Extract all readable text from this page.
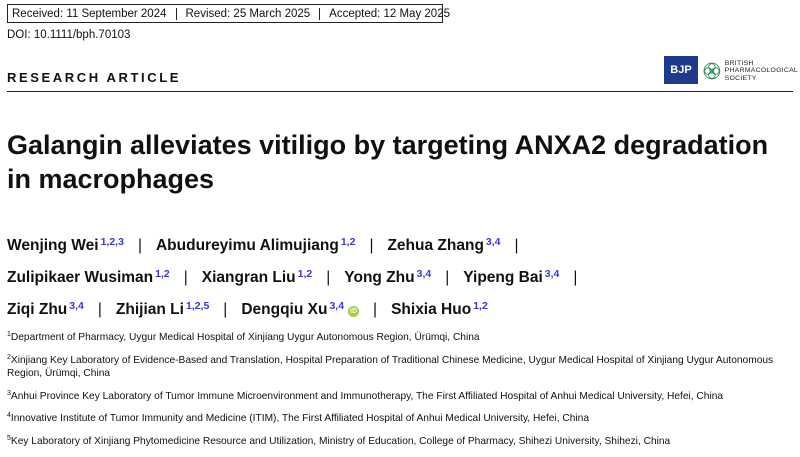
Received: 11 September 2024	Revised: 25 March 2025	Accepted: 12 May 2025
DOI: 10.1111/bph.70103
RESEARCH ARTICLE	BJP
BRITISH
PHARMACOLOGICAL
SOCIETY
Galangin alleviates vitiligo by targeting ANXA2 degradation in macrophages
Wenjing Wei $^{1,2,3}$ | Abudureyimu Alimujiang $^{1,2}$ | Zehua Zhang $^{3,4}$ |
Zulipikaer Wusiman $^{1,2}$ | Xiangran Liu $^{1,2}$ | Yong Zhu $^{3,4}$ | Yipeng Bai $^{3,4}$ |
Ziqi Zhu $^{3,4}$ | Zhijian Li $^{1,2,5}$ | Dengqiu Xu $^{3,4}$ iD | Shixia Huo $^{1,2}$
$^1$Department of Pharmacy, Uygur Medical Hospital of Xinjiang Uygur Autonomous Region, Ürümqi, China
$^2$Xinjiang Key Laboratory of Evidence-Based and Translation, Hospital Preparation of Traditional Chinese Medicine, Uygur Medical Hospital of Xinjiang Uygur Autonomous Region, Ürümqi, China
$^3$Anhui Province Key Laboratory of Tumor Immune Microenvironment and Immunotherapy, The First Affiliated Hospital of Anhui Medical University, Hefei, China
$^4$Innovative Institute of Tumor Immunity and Medicine (ITIM), The First Affiliated Hospital of Anhui Medical University, Hefei, China
$^5$Key Laboratory of Xinjiang Phytomedicine Resource and Utilization, Ministry of Education, College of Pharmacy, Shihezi University, Shihezi, China
